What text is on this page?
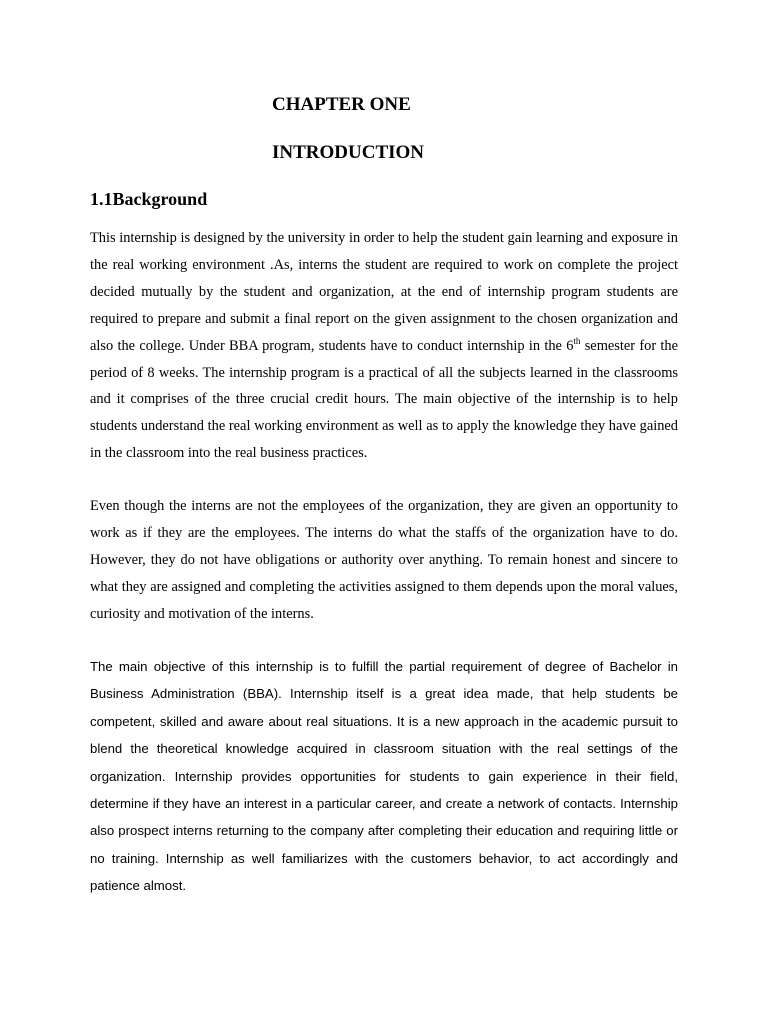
CHAPTER ONE
INTRODUCTION
1.1Background

This internship is designed by the university in order to help the student gain learning and exposure in the real working environment .As, interns the student are required to work on complete the project decided mutually by the student and organization, at the end of internship program students are required to prepare and submit a final report on the given assignment to the chosen organization and also the college. Under BBA program, students have to conduct internship in the 6th semester for the period of 8 weeks. The internship program is a practical of all the subjects learned in the classrooms and it comprises of the three crucial credit hours. The main objective of the internship is to help students understand the real working environment as well as to apply the knowledge they have gained in the classroom into the real business practices.

Even though the interns are not the employees of the organization, they are given an opportunity to work as if they are the employees. The interns do what the staffs of the organization have to do. However, they do not have obligations or authority over anything. To remain honest and sincere to what they are assigned and completing the activities assigned to them depends upon the moral values, curiosity and motivation of the interns.

The main objective of this internship is to fulfill the partial requirement of degree of Bachelor in Business Administration (BBA). Internship itself is a great idea made, that help students be competent, skilled and aware about real situations. It is a new approach in the academic pursuit to blend the theoretical knowledge acquired in classroom situation with the real settings of the organization. Internship provides opportunities for students to gain experience in their field, determine if they have an interest in a particular career, and create a network of contacts. Internship also prospect interns returning to the company after completing their education and requiring little or no training. Internship as well familiarizes with the customers behavior, to act accordingly and patience almost.
